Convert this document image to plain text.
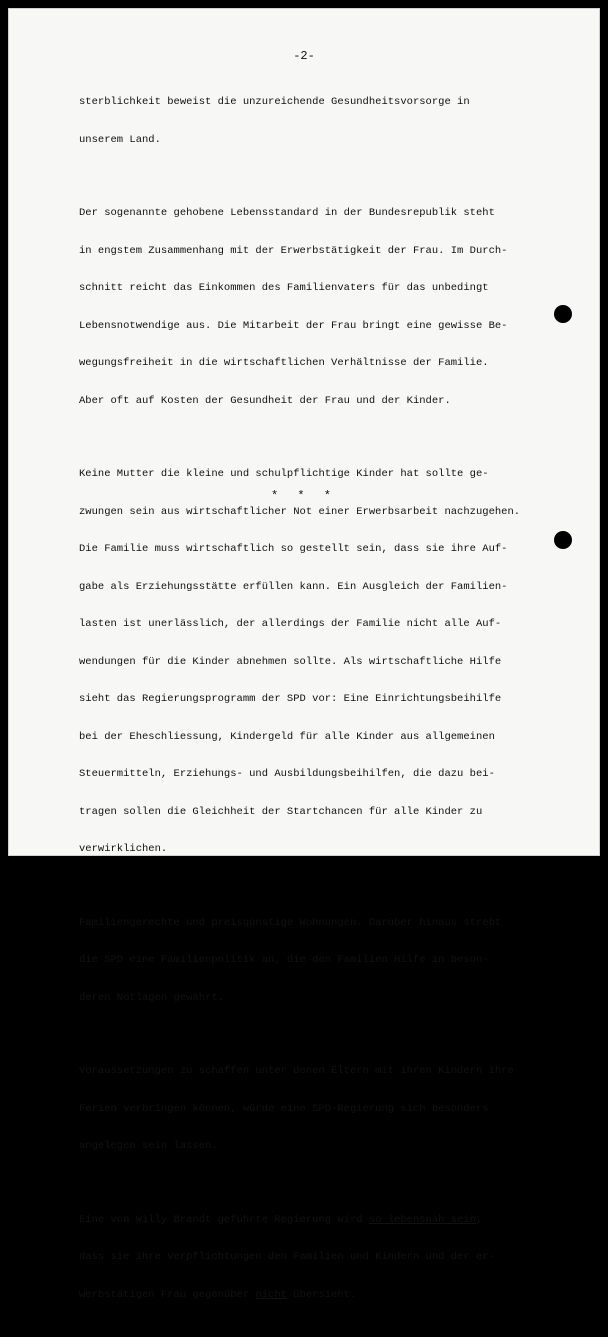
-2-

sterblichkeit beweist die unzureichende Gesundheitsvorsorge in

unserem Land.

Der sogenannte gehobene Lebensstandard in der Bundesrepublik steht

in engstem Zusammenhang mit der Erwerbstätigkeit der Frau. Im Durch-

schnitt reicht das Einkommen des Familienvaters für das unbedingt

Lebensnotwendige aus. Die Mitarbeit der Frau bringt eine gewisse Be-

wegungsfreiheit in die wirtschaftlichen Verhältnisse der Familie.

Aber oft auf Kosten der Gesundheit der Frau und der Kinder.

Keine Mutter die kleine und schulpflichtige Kinder hat sollte ge-

zwungen sein aus wirtschaftlicher Not einer Erwerbsarbeit nachzugehen.

Die Familie muss wirtschaftlich so gestellt sein, dass sie ihre Auf-

gabe als Erziehungsstätte erfüllen kann. Ein Ausgleich der Familien-

lasten ist unerlässlich, der allerdings der Familie nicht alle Auf-

wendungen für die Kinder abnehmen sollte. Als wirtschaftliche Hilfe

sieht das Regierungsprogramm der SPD vor: Eine Einrichtungsbeihilfe

bei der Eheschliessung, Kindergeld für alle Kinder aus allgemeinen

Steuermitteln, Erziehungs- und Ausbildungsbeihilfen, die dazu bei-

tragen sollen die Gleichheit der Startchancen für alle Kinder zu

verwirklichen.

Familiengerechte und preisgünstige Wohnungen. Darüber hinaus strebt

die SPD eine Familienpolitik an, die den Familien Hilfe in beson-

deren Notlagen gewährt.

Voraussetzungen zu schaffen unter denen Eltern mit ihren Kindern ihre

Ferien verbringen können, würde eine SPD-Regierung sich besonders

angelegen sein lassen.

Eine von Willy Brandt geführte Regierung wird so lebensnah sein,

dass sie ihre Verpflichtungen den Familien und Kindern und der er-

werbstätigen Frau gegenüber nicht übersieht.

* * *
